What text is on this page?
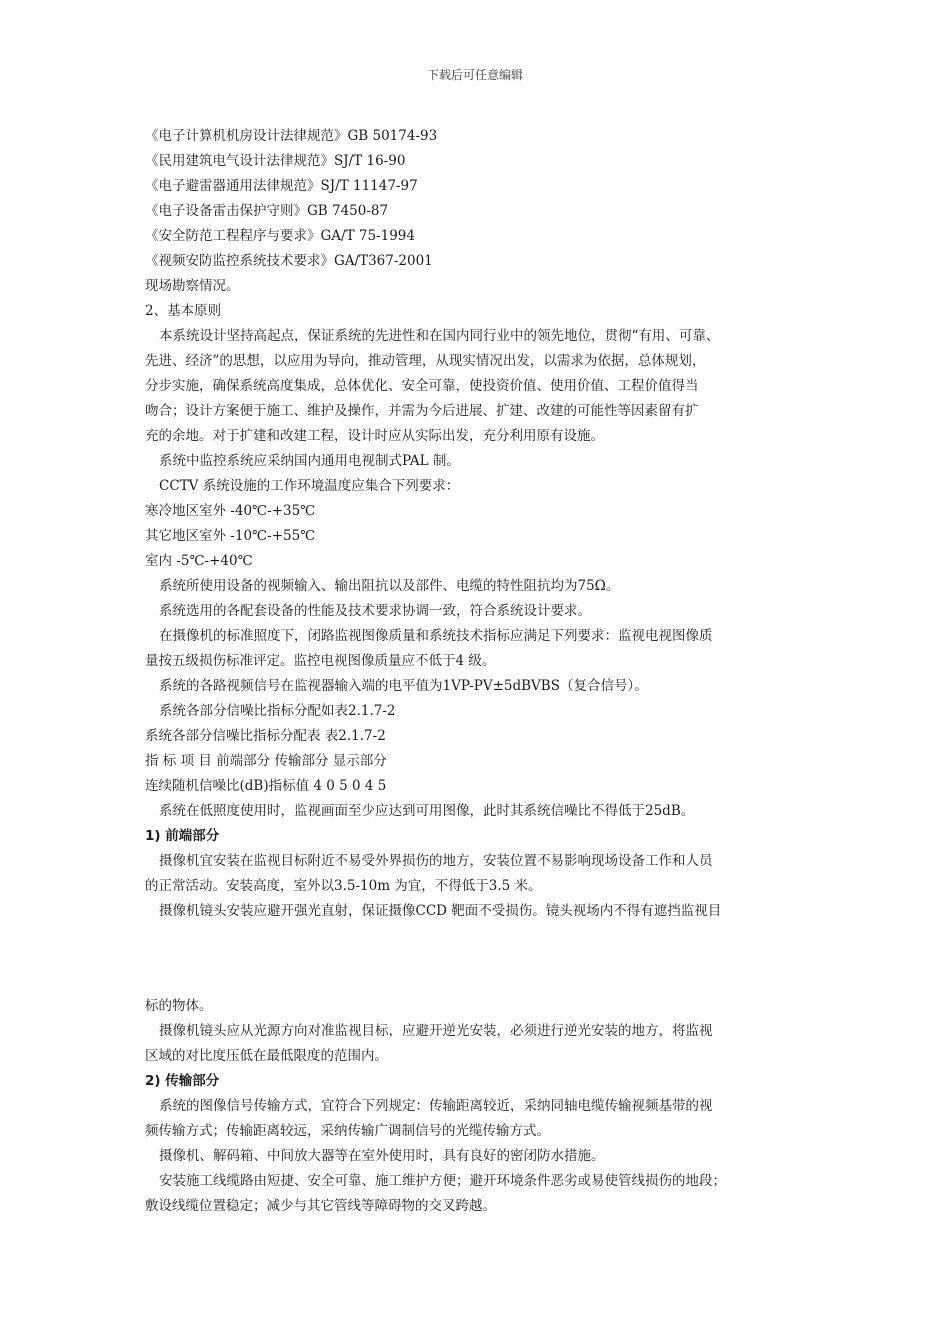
下载后可任意编辑

《电子计算机机房设计法律规范》GB 50174-93

《民用建筑电气设计法律规范》SJ/T 16-90

《电子避雷器通用法律规范》SJ/T 11147-97

《电子设备雷击保护守则》GB 7450-87

《安全防范工程程序与要求》GA/T 75-1994

《视频安防监控系统技术要求》GA/T367-2001

现场勘察情况。

2、基本原则

本系统设计坚持高起点，保证系统的先进性和在国内同行业中的领先地位，贯彻“有用、可靠、

先进、经济”的思想，以应用为导向，推动管理，从现实情况出发，以需求为依据，总体规划，

分步实施，确保系统高度集成，总体优化、安全可靠，使投资价值、使用价值、工程价值得当

吻合；设计方案便于施工、维护及操作，并需为今后进展、扩建、改建的可能性等因素留有扩

充的余地。对于扩建和改建工程，设计时应从实际出发，充分利用原有设施。

系统中监控系统应采纳国内通用电视制式PAL 制。

CCTV 系统设施的工作环境温度应集合下列要求：

寒冷地区室外 -40℃-+35℃

其它地区室外 -10℃-+55℃

室内 -5℃-+40℃

系统所使用设备的视频输入、输出阻抗以及部件、电缆的特性阻抗均为75Ω。

系统选用的各配套设备的性能及技术要求协调一致，符合系统设计要求。

在摄像机的标准照度下，闭路监视图像质量和系统技术指标应满足下列要求：监视电视图像质

量按五级损伤标准评定。监控电视图像质量应不低于4 级。

系统的各路视频信号在监视器输入端的电平值为1VP-PV±5dBVBS（复合信号）。

系统各部分信噪比指标分配如表2.1.7-2

系统各部分信噪比指标分配表 表2.1.7-2

指 标 项 目 前端部分 传输部分 显示部分

连续随机信噪比(dB)指标值 4 0 5 0 4 5

系统在低照度使用时，监视画面至少应达到可用图像，此时其系统信噪比不得低于25dB。

1) 前端部分

摄像机宜安装在监视目标附近不易受外界损伤的地方，安装位置不易影响现场设备工作和人员

的正常活动。安装高度，室外以3.5-10m 为宜，不得低于3.5 米。

摄像机镜头安装应避开强光直射，保证摄像CCD 靶面不受损伤。镜头视场内不得有遮挡监视目

标的物体。

摄像机镜头应从光源方向对准监视目标，应避开逆光安装，必须进行逆光安装的地方，将监视

区域的对比度压低在最低限度的范围内。

2) 传输部分

系统的图像信号传输方式，宜符合下列规定：传输距离较近，采纳同轴电缆传输视频基带的视

频传输方式；传输距离较远，采纳传输广调制信号的光缆传输方式。

摄像机、解码箱、中间放大器等在室外使用时，具有良好的密闭防水措施。

安装施工线缆路由短捷、安全可靠、施工维护方便；避开环境条件恶劣或易使管线损伤的地段；

敷设线缆位置稳定；减少与其它管线等障碍物的交叉跨越。
